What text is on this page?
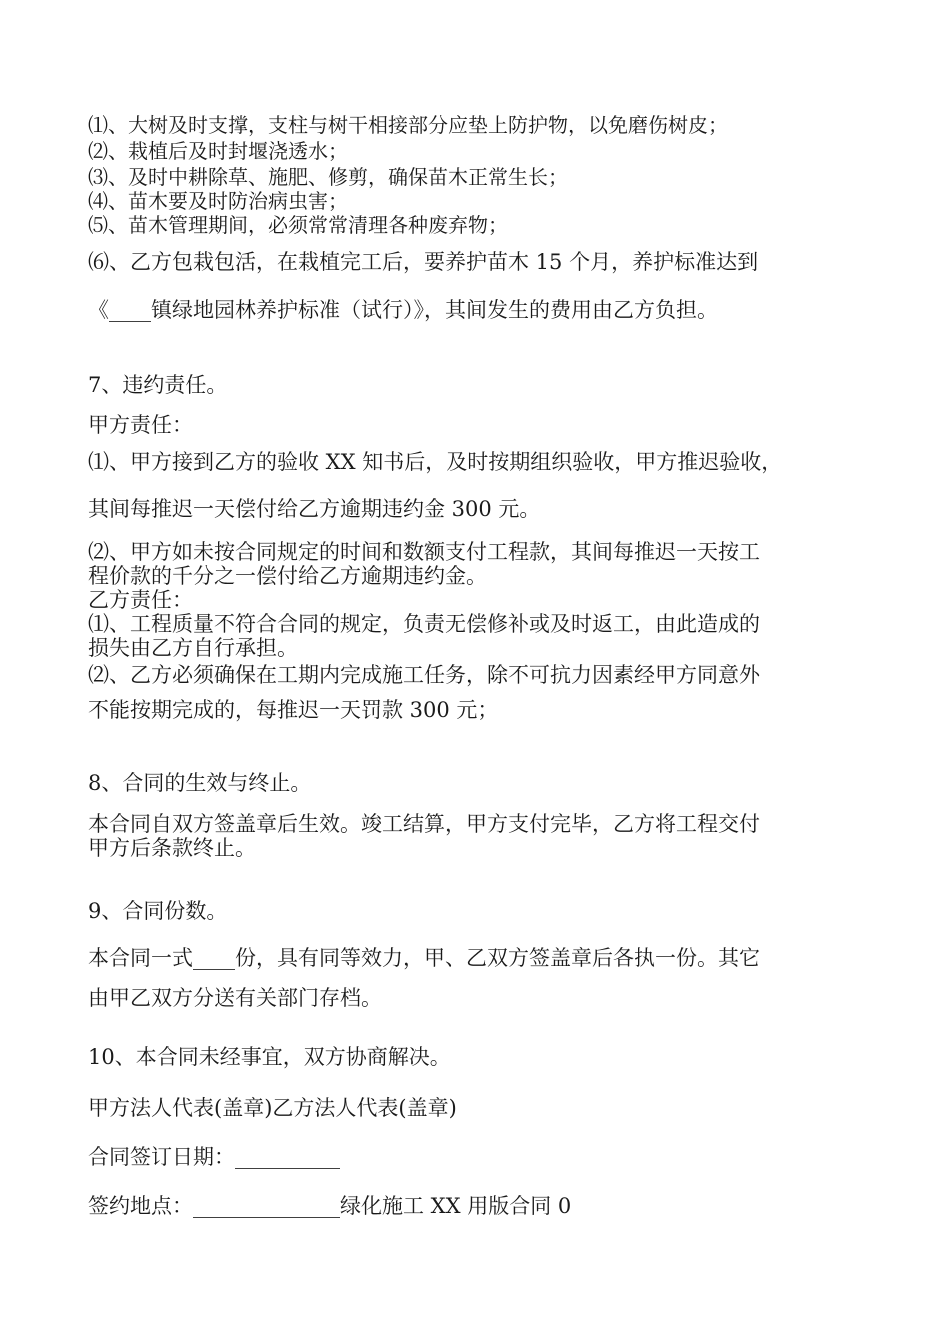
⑴、大树及时支撑，支柱与树干相接部分应垫上防护物，以免磨伤树皮；
⑵、栽植后及时封堰浇透水；
⑶、及时中耕除草、施肥、修剪，确保苗木正常生长；
⑷、苗木要及时防治病虫害；
⑸、苗木管理期间，必须常常清理各种废弃物；
⑹、乙方包栽包活，在栽植完工后，要养护苗木 15 个月，养护标准达到
《____镇绿地园林养护标准（试行）》，其间发生的费用由乙方负担。
7、违约责任。
甲方责任：
⑴、甲方接到乙方的验收 XX 知书后，及时按期组织验收，甲方推迟验收，
其间每推迟一天偿付给乙方逾期违约金 300 元。
⑵、甲方如未按合同规定的时间和数额支付工程款，其间每推迟一天按工
程价款的千分之一偿付给乙方逾期违约金。
乙方责任：
⑴、工程质量不符合合同的规定，负责无偿修补或及时返工，由此造成的
损失由乙方自行承担。
⑵、乙方必须确保在工期内完成施工任务，除不可抗力因素经甲方同意外
不能按期完成的，每推迟一天罚款 300 元；
8、合同的生效与终止。
本合同自双方签盖章后生效。竣工结算，甲方支付完毕，乙方将工程交付
甲方后条款终止。
9、合同份数。
本合同一式____份，具有同等效力，甲、乙双方签盖章后各执一份。其它
由甲乙双方分送有关部门存档。
10、本合同未经事宜，双方协商解决。
甲方法人代表(盖章)乙方法人代表(盖章)
合同签订日期：__________
签约地点：______________绿化施工 XX 用版合同 0
